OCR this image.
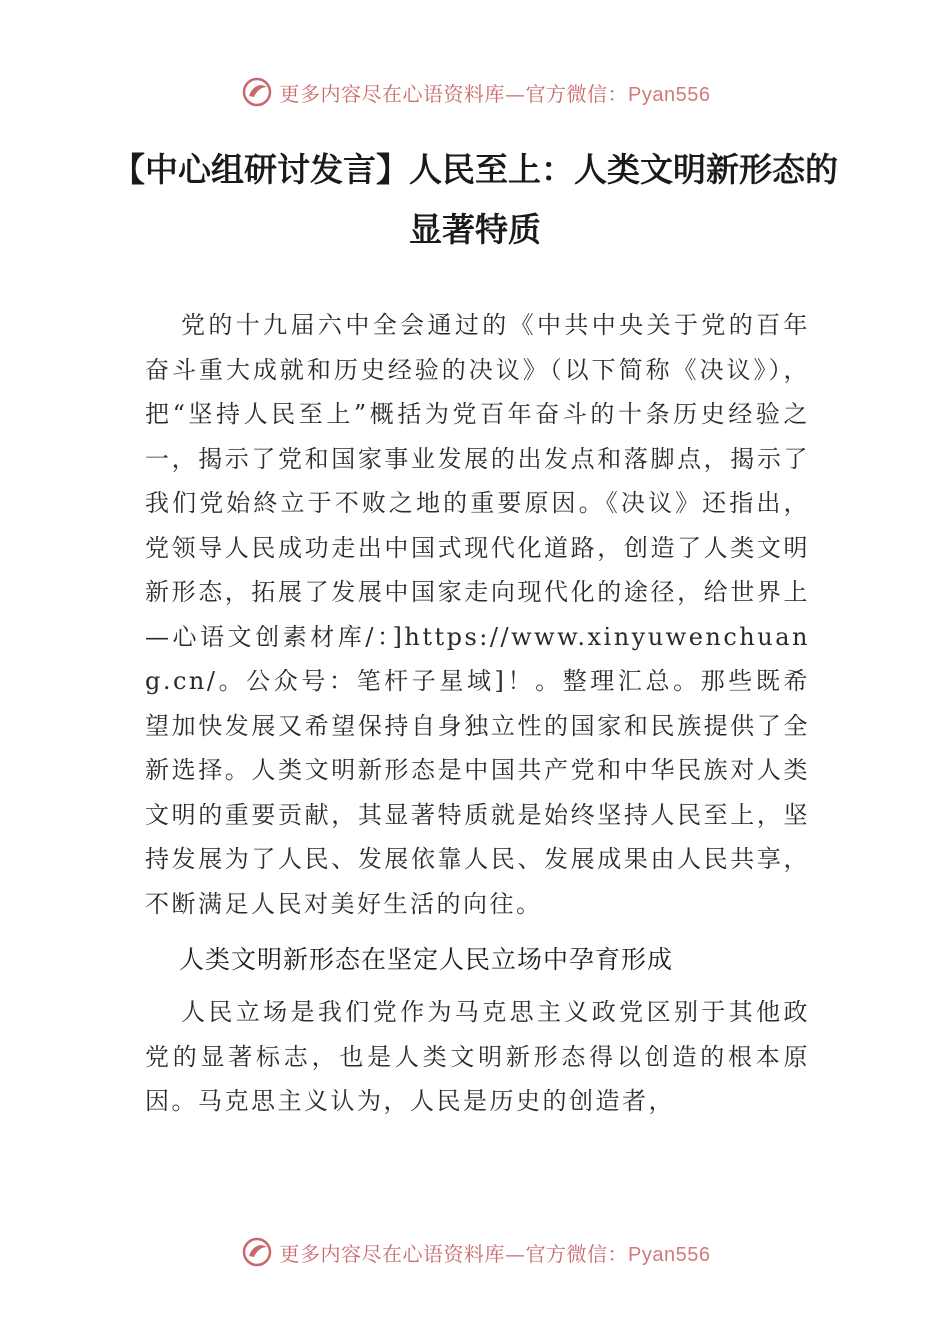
更多内容尽在心语资料库—官方微信：Pyan556
【中心组研讨发言】人民至上：人类文明新形态的显著特质

党的十九届六中全会通过的《中共中央关于党的百年奋斗重大成就和历史经验的决议》（以下简称《决议》），把“坚持人民至上”概括为党百年奋斗的十条历史经验之一，揭示了党和国家事业发展的出发点和落脚点，揭示了我们党始終立于不败之地的重要原因。《决议》还指出，党领导人民成功走出中国式现代化道路，创造了人类文明新形态，拓展了发展中国家走向现代化的途径，给世界上—心语文创素材库/：]https://www.xinyuwenchuang.cn/。公众号：笔杆子星域]！。整理汇总。那些既希望加快发展又希望保持自身独立性的国家和民族提供了全新选择。人类文明新形态是中国共产党和中华民族对人类文明的重要贡献，其显著特质就是始终坚持人民至上，坚持发展为了人民、发展依靠人民、发展成果由人民共享，不断满足人民对美好生活的向往。

人类文明新形态在坚定人民立场中孕育形成

人民立场是我们党作为马克思主义政党区别于其他政党的显著标志，也是人类文明新形态得以创造的根本原因。马克思主义认为，人民是历史的创造者，

更多内容尽在心语资料库—官方微信：Pyan556
